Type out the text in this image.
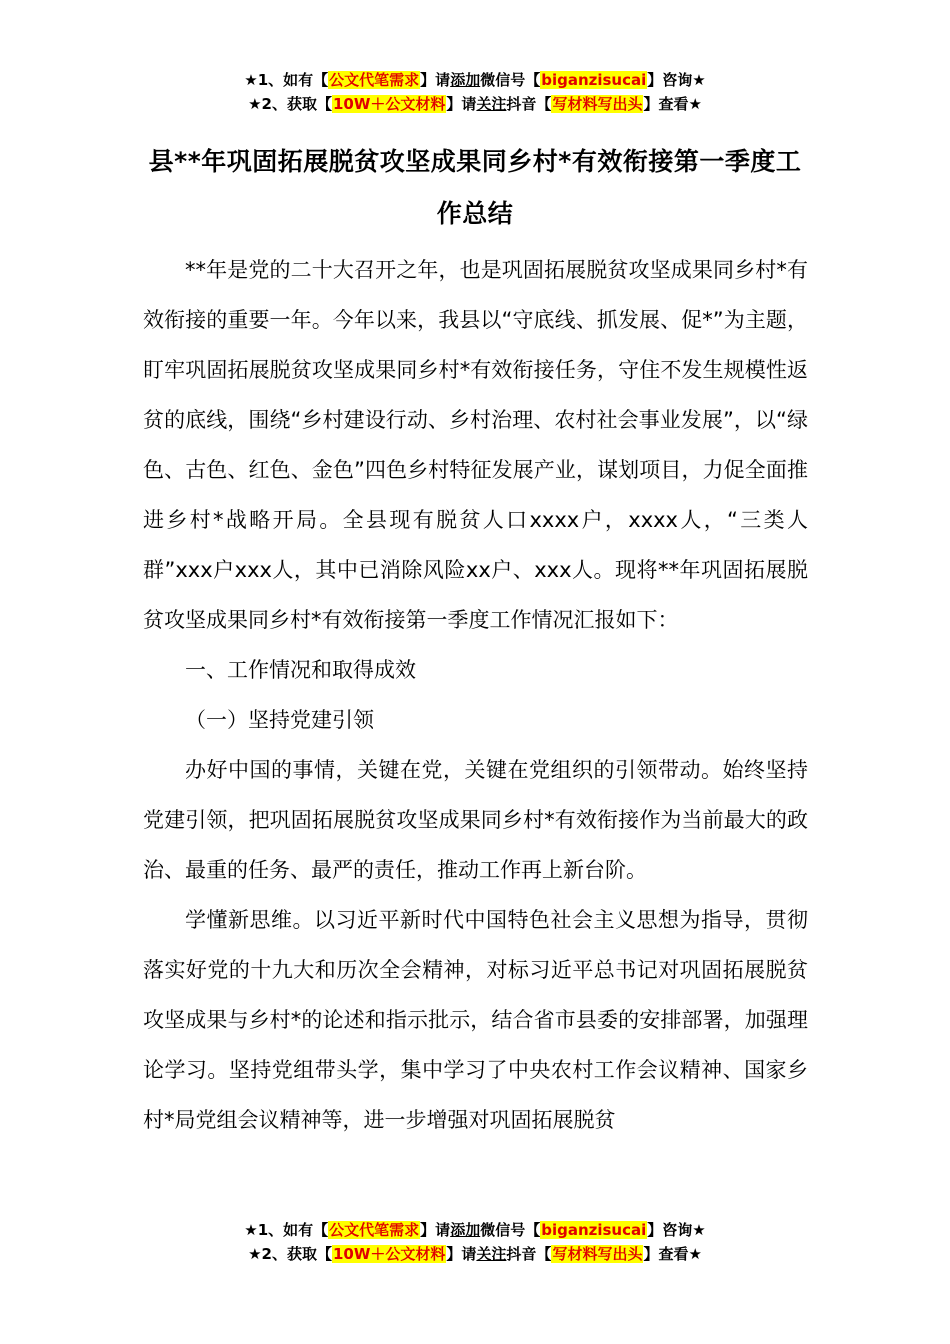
★1、如有【公文代笔需求】请添加微信号【biganzisucai】咨询★
★2、获取【10W＋公文材料】请关注抖音【写材料写出头】查看★
县**年巩固拓展脱贫攻坚成果同乡村*有效衔接第一季度工作总结

**年是党的二十大召开之年，也是巩固拓展脱贫攻坚成果同乡村*有效衔接的重要一年。今年以来，我县以“守底线、抓发展、促*”为主题，盯牢巩固拓展脱贫攻坚成果同乡村*有效衔接任务，守住不发生规模性返贫的底线，围绕“乡村建设行动、乡村治理、农村社会事业发展”，以“绿色、古色、红色、金色”四色乡村特征发展产业，谋划项目，力促全面推进乡村*战略开局。全县现有脱贫人口xxxx户，xxxx人，“三类人群”xxx户xxx人，其中已消除风险xx户、xxx人。现将**年巩固拓展脱贫攻坚成果同乡村*有效衔接第一季度工作情况汇报如下：

一、工作情况和取得成效

（一）坚持党建引领

办好中国的事情，关键在党，关键在党组织的引领带动。始终坚持党建引领，把巩固拓展脱贫攻坚成果同乡村*有效衔接作为当前最大的政治、最重的任务、最严的责任，推动工作再上新台阶。

学懂新思维。以习近平新时代中国特色社会主义思想为指导，贯彻落实好党的十九大和历次全会精神，对标习近平总书记对巩固拓展脱贫攻坚成果与乡村*的论述和指示批示，结合省市县委的安排部署，加强理论学习。坚持党组带头学，集中学习了中央农村工作会议精神、国家乡村*局党组会议精神等，进一步增强对巩固拓展脱贫

★1、如有【公文代笔需求】请添加微信号【biganzisucai】咨询★
★2、获取【10W＋公文材料】请关注抖音【写材料写出头】查看★
